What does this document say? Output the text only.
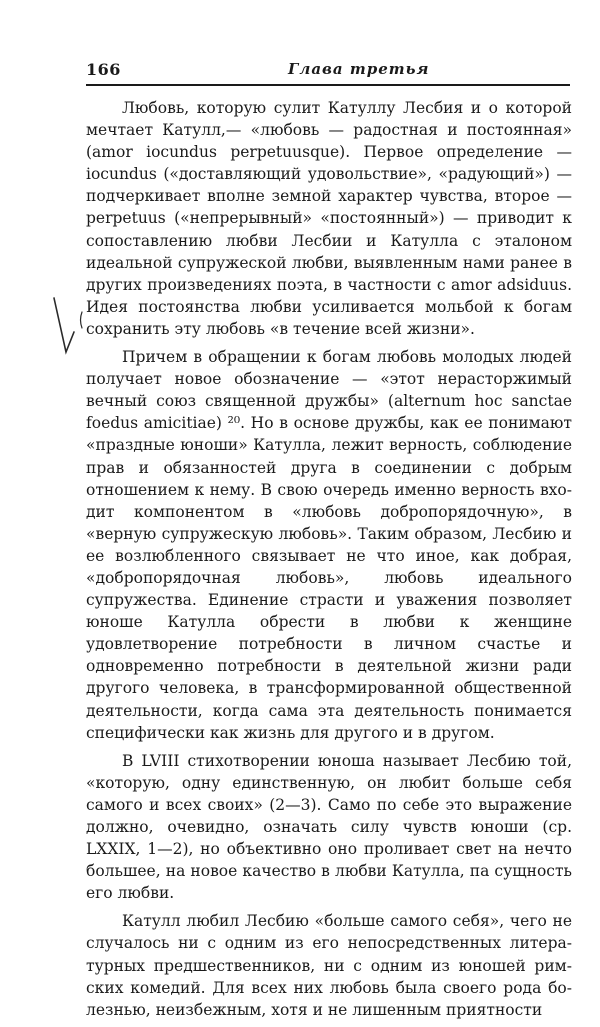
166	Глава третья

Любовь, которую сулит Катуллу Лесбия и о которой мечтает Катулл,— «любовь — радостная и постоянная» (amor iocundus perpetuusque). Первое определение — iocundus («доставляющий удовольствие», «радующий») — подчеркивает вполне земной характер чувства, второе — perpetuus («непрерывный» «постоянный») — приводит к сопоставлению любви Лесбии и Катулла с эталоном идеальной супружеской любви, выявленным нами ранее в других произведениях поэта, в частности с amor adsiduus. Идея постоянства любви усиливается мольбой к богам сохранить эту любовь «в течение всей жизни».

Причем в обращении к богам любовь молодых людей получает новое обозначение — «этот нерасторжимый вечный союз священной дружбы» (alternum hoc sanctae foedus amicitiae) ²⁰. Но в основе дружбы, как ее понимают «праздные юноши» Катулла, лежит верность, соблюдение прав и обязанностей друга в соединении с добрым отношением к нему. В свою очередь именно верность входит компонентом в «любовь добропорядочную», в «верную супружескую любовь». Таким образом, Лесбию и ее возлюбленного связывает не что иное, как добрая, «добропорядочная любовь», любовь идеального супружества. Единение страсти и уважения позволяет юноше Катулла обрести в любви к женщине удовлетворение потребности в личном счастье и одновременно потребности в деятельной жизни ради другого человека, в трансформированной общественной деятельности, когда сама эта деятельность понимается специфически как жизнь для другого и в другом.

В LVIII стихотворении юноша называет Лесбию той, «которую, одну единственную, он любит больше себя самого и всех своих» (2—3). Само по себе это выражение должно, очевидно, означать силу чувств юноши (ср. LXXIX, 1—2), но объективно оно проливает свет на нечто большее, на новое качество в любви Катулла, па сущность его любви.

Катулл любил Лесбию «больше самого себя», чего не случалось ни с одним из его непосредственных литературных предшественников, ни с одним из юношей римских комедий. Для всех них любовь была своего рода болезнью, неизбежным, хотя и не лишенным приятности
